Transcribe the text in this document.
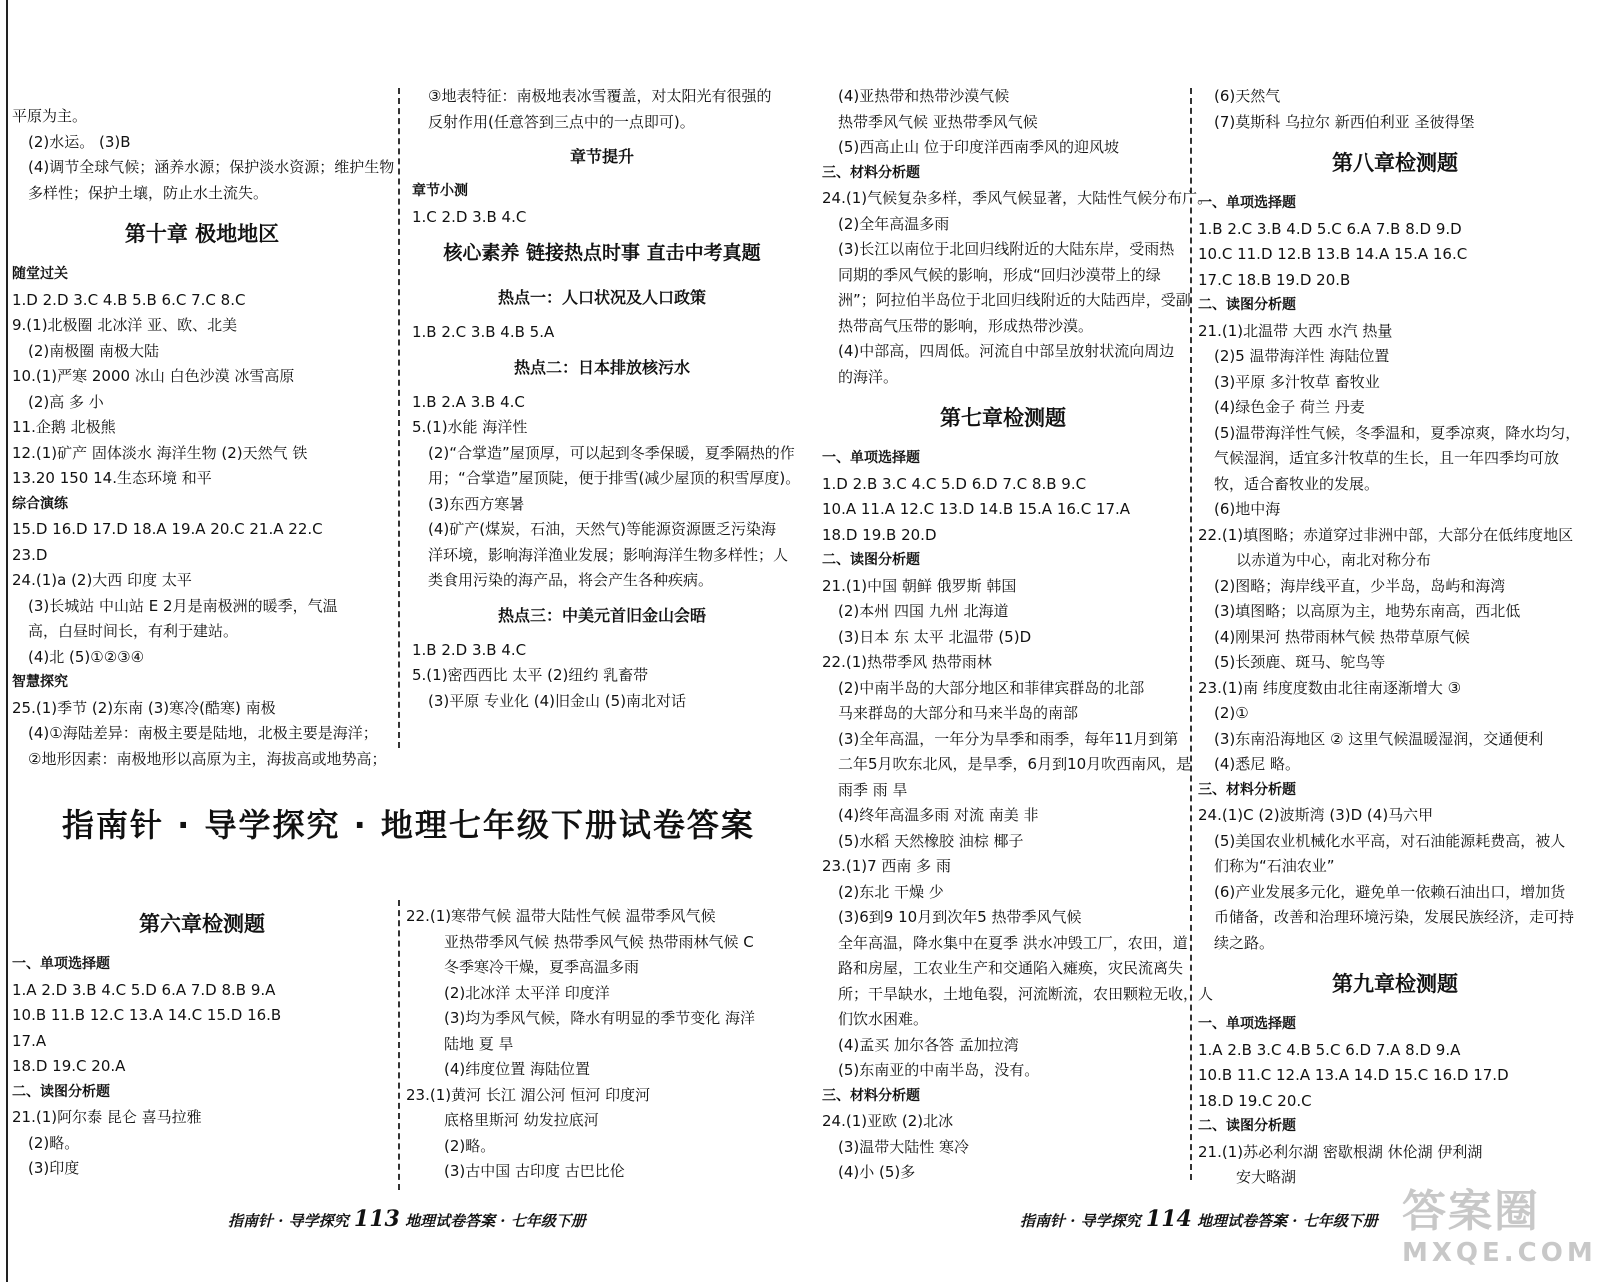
平原为主。
(2)水运。 (3)B
(4)调节全球气候；涵养水源；保护淡水资源；维护生物
多样性；保护土壤，防止水土流失。
第十章 极地地区
随堂过关
1.D 2.D 3.C 4.B 5.B 6.C 7.C 8.C
9.(1)北极圈 北冰洋 亚、欧、北美
(2)南极圈 南极大陆
10.(1)严寒 2000 冰山 白色沙漠 冰雪高原
(2)高 多 小
11.企鹅 北极熊
12.(1)矿产 固体淡水 海洋生物 (2)天然气 铁
13.20 150 14.生态环境 和平
综合演练
15.D 16.D 17.D 18.A 19.A 20.C 21.A 22.C
23.D
24.(1)a (2)大西 印度 太平
(3)长城站 中山站 E 2月是南极洲的暖季，气温
高，白昼时间长，有利于建站。
(4)北 (5)①②③④
智慧探究
25.(1)季节 (2)东南 (3)寒冷(酷寒) 南极
(4)①海陆差异：南极主要是陆地，北极主要是海洋；
②地形因素：南极地形以高原为主，海拔高或地势高；
③地表特征：南极地表冰雪覆盖，对太阳光有很强的
反射作用(任意答到三点中的一点即可)。
章节提升
章节小测
1.C 2.D 3.B 4.C
核心素养 链接热点时事 直击中考真题
热点一：人口状况及人口政策
1.B 2.C 3.B 4.B 5.A
热点二：日本排放核污水
1.B 2.A 3.B 4.C
5.(1)水能 海洋性
(2)“合掌造”屋顶厚，可以起到冬季保暖，夏季隔热的作
用；“合掌造”屋顶陡，便于排雪(减少屋顶的积雪厚度)。
(3)东西方寒暑
(4)矿产(煤炭，石油，天然气)等能源资源匮乏污染海
洋环境，影响海洋渔业发展；影响海洋生物多样性；人
类食用污染的海产品，将会产生各种疾病。
热点三：中美元首旧金山会晤
1.B 2.D 3.B 4.C
5.(1)密西西比 太平 (2)纽约 乳畜带
(3)平原 专业化 (4)旧金山 (5)南北对话
指南针 · 导学探究 · 地理七年级下册试卷答案
第六章检测题
一、单项选择题
1.A 2.D 3.B 4.C 5.D 6.A 7.D 8.B 9.A
10.B 11.B 12.C 13.A 14.C 15.D 16.B
17.A
18.D 19.C 20.A
二、读图分析题
21.(1)阿尔泰 昆仑 喜马拉雅
(2)略。
(3)印度
22.(1)寒带气候 温带大陆性气候 温带季风气候
亚热带季风气候 热带季风气候 热带雨林气候 C
冬季寒冷干燥，夏季高温多雨
(2)北冰洋 太平洋 印度洋
(3)均为季风气候，降水有明显的季节变化 海洋
陆地 夏 旱
(4)纬度位置 海陆位置
23.(1)黄河 长江 湄公河 恒河 印度河
底格里斯河 幼发拉底河
(2)略。
(3)古中国 古印度 古巴比伦
(4)亚热带和热带沙漠气候
热带季风气候 亚热带季风气候
(5)西高止山 位于印度洋西南季风的迎风坡
三、材料分析题
24.(1)气候复杂多样，季风气候显著，大陆性气候分布广。
(2)全年高温多雨
(3)长江以南位于北回归线附近的大陆东岸，受雨热
同期的季风气候的影响，形成“回归沙漠带上的绿
洲”；阿拉伯半岛位于北回归线附近的大陆西岸，受副
热带高气压带的影响，形成热带沙漠。
(4)中部高，四周低。河流自中部呈放射状流向周边
的海洋。
第七章检测题
一、单项选择题
1.D 2.B 3.C 4.C 5.D 6.D 7.C 8.B 9.C
10.A 11.A 12.C 13.D 14.B 15.A 16.C 17.A
18.D 19.B 20.D
二、读图分析题
21.(1)中国 朝鲜 俄罗斯 韩国
(2)本州 四国 九州 北海道
(3)日本 东 太平 北温带 (5)D
22.(1)热带季风 热带雨林
(2)中南半岛的大部分地区和菲律宾群岛的北部
马来群岛的大部分和马来半岛的南部
(3)全年高温，一年分为旱季和雨季，每年11月到第
二年5月吹东北风，是旱季，6月到10月吹西南风，是
雨季 雨 旱
(4)终年高温多雨 对流 南美 非
(5)水稻 天然橡胶 油棕 椰子
23.(1)7 西南 多 雨
(2)东北 干燥 少
(3)6到9 10月到次年5 热带季风气候
全年高温，降水集中在夏季 洪水冲毁工厂，农田，道
路和房屋，工农业生产和交通陷入瘫痪，灾民流离失
所；干旱缺水，土地龟裂，河流断流，农田颗粒无收，人
们饮水困难。
(4)孟买 加尔各答 孟加拉湾
(5)东南亚的中南半岛，没有。
三、材料分析题
24.(1)亚欧 (2)北冰
(3)温带大陆性 寒冷
(4)小 (5)多
(6)天然气
(7)莫斯科 乌拉尔 新西伯利亚 圣彼得堡
第八章检测题
一、单项选择题
1.B 2.C 3.B 4.D 5.C 6.A 7.B 8.D 9.D
10.C 11.D 12.B 13.B 14.A 15.A 16.C
17.C 18.B 19.D 20.B
二、读图分析题
21.(1)北温带 大西 水汽 热量
(2)5 温带海洋性 海陆位置
(3)平原 多汁牧草 畜牧业
(4)绿色金子 荷兰 丹麦
(5)温带海洋性气候，冬季温和，夏季凉爽，降水均匀，
气候湿润，适宜多汁牧草的生长，且一年四季均可放
牧，适合畜牧业的发展。
(6)地中海
22.(1)填图略；赤道穿过非洲中部，大部分在低纬度地区
以赤道为中心，南北对称分布
(2)图略；海岸线平直，少半岛，岛屿和海湾
(3)填图略；以高原为主，地势东南高，西北低
(4)刚果河 热带雨林气候 热带草原气候
(5)长颈鹿、斑马、鸵鸟等
23.(1)南 纬度度数由北往南逐渐增大 ③
(2)①
(3)东南沿海地区 ② 这里气候温暖湿润，交通便利
(4)悉尼 略。
三、材料分析题
24.(1)C (2)波斯湾 (3)D (4)马六甲
(5)美国农业机械化水平高，对石油能源耗费高，被人
们称为“石油农业”
(6)产业发展多元化，避免单一依赖石油出口，增加货
币储备，改善和治理环境污染，发展民族经济，走可持
续之路。
第九章检测题
一、单项选择题
1.A 2.B 3.C 4.B 5.C 6.D 7.A 8.D 9.A
10.B 11.C 12.A 13.A 14.D 15.C 16.D 17.D
18.D 19.C 20.C
二、读图分析题
21.(1)苏必利尔湖 密歇根湖 休伦湖 伊利湖
安大略湖
指南针 · 导学探究 113 地理试卷答案 · 七年级下册	指南针 · 导学探究 114 地理试卷答案 · 七年级下册 答案圈
MXQE.COM
